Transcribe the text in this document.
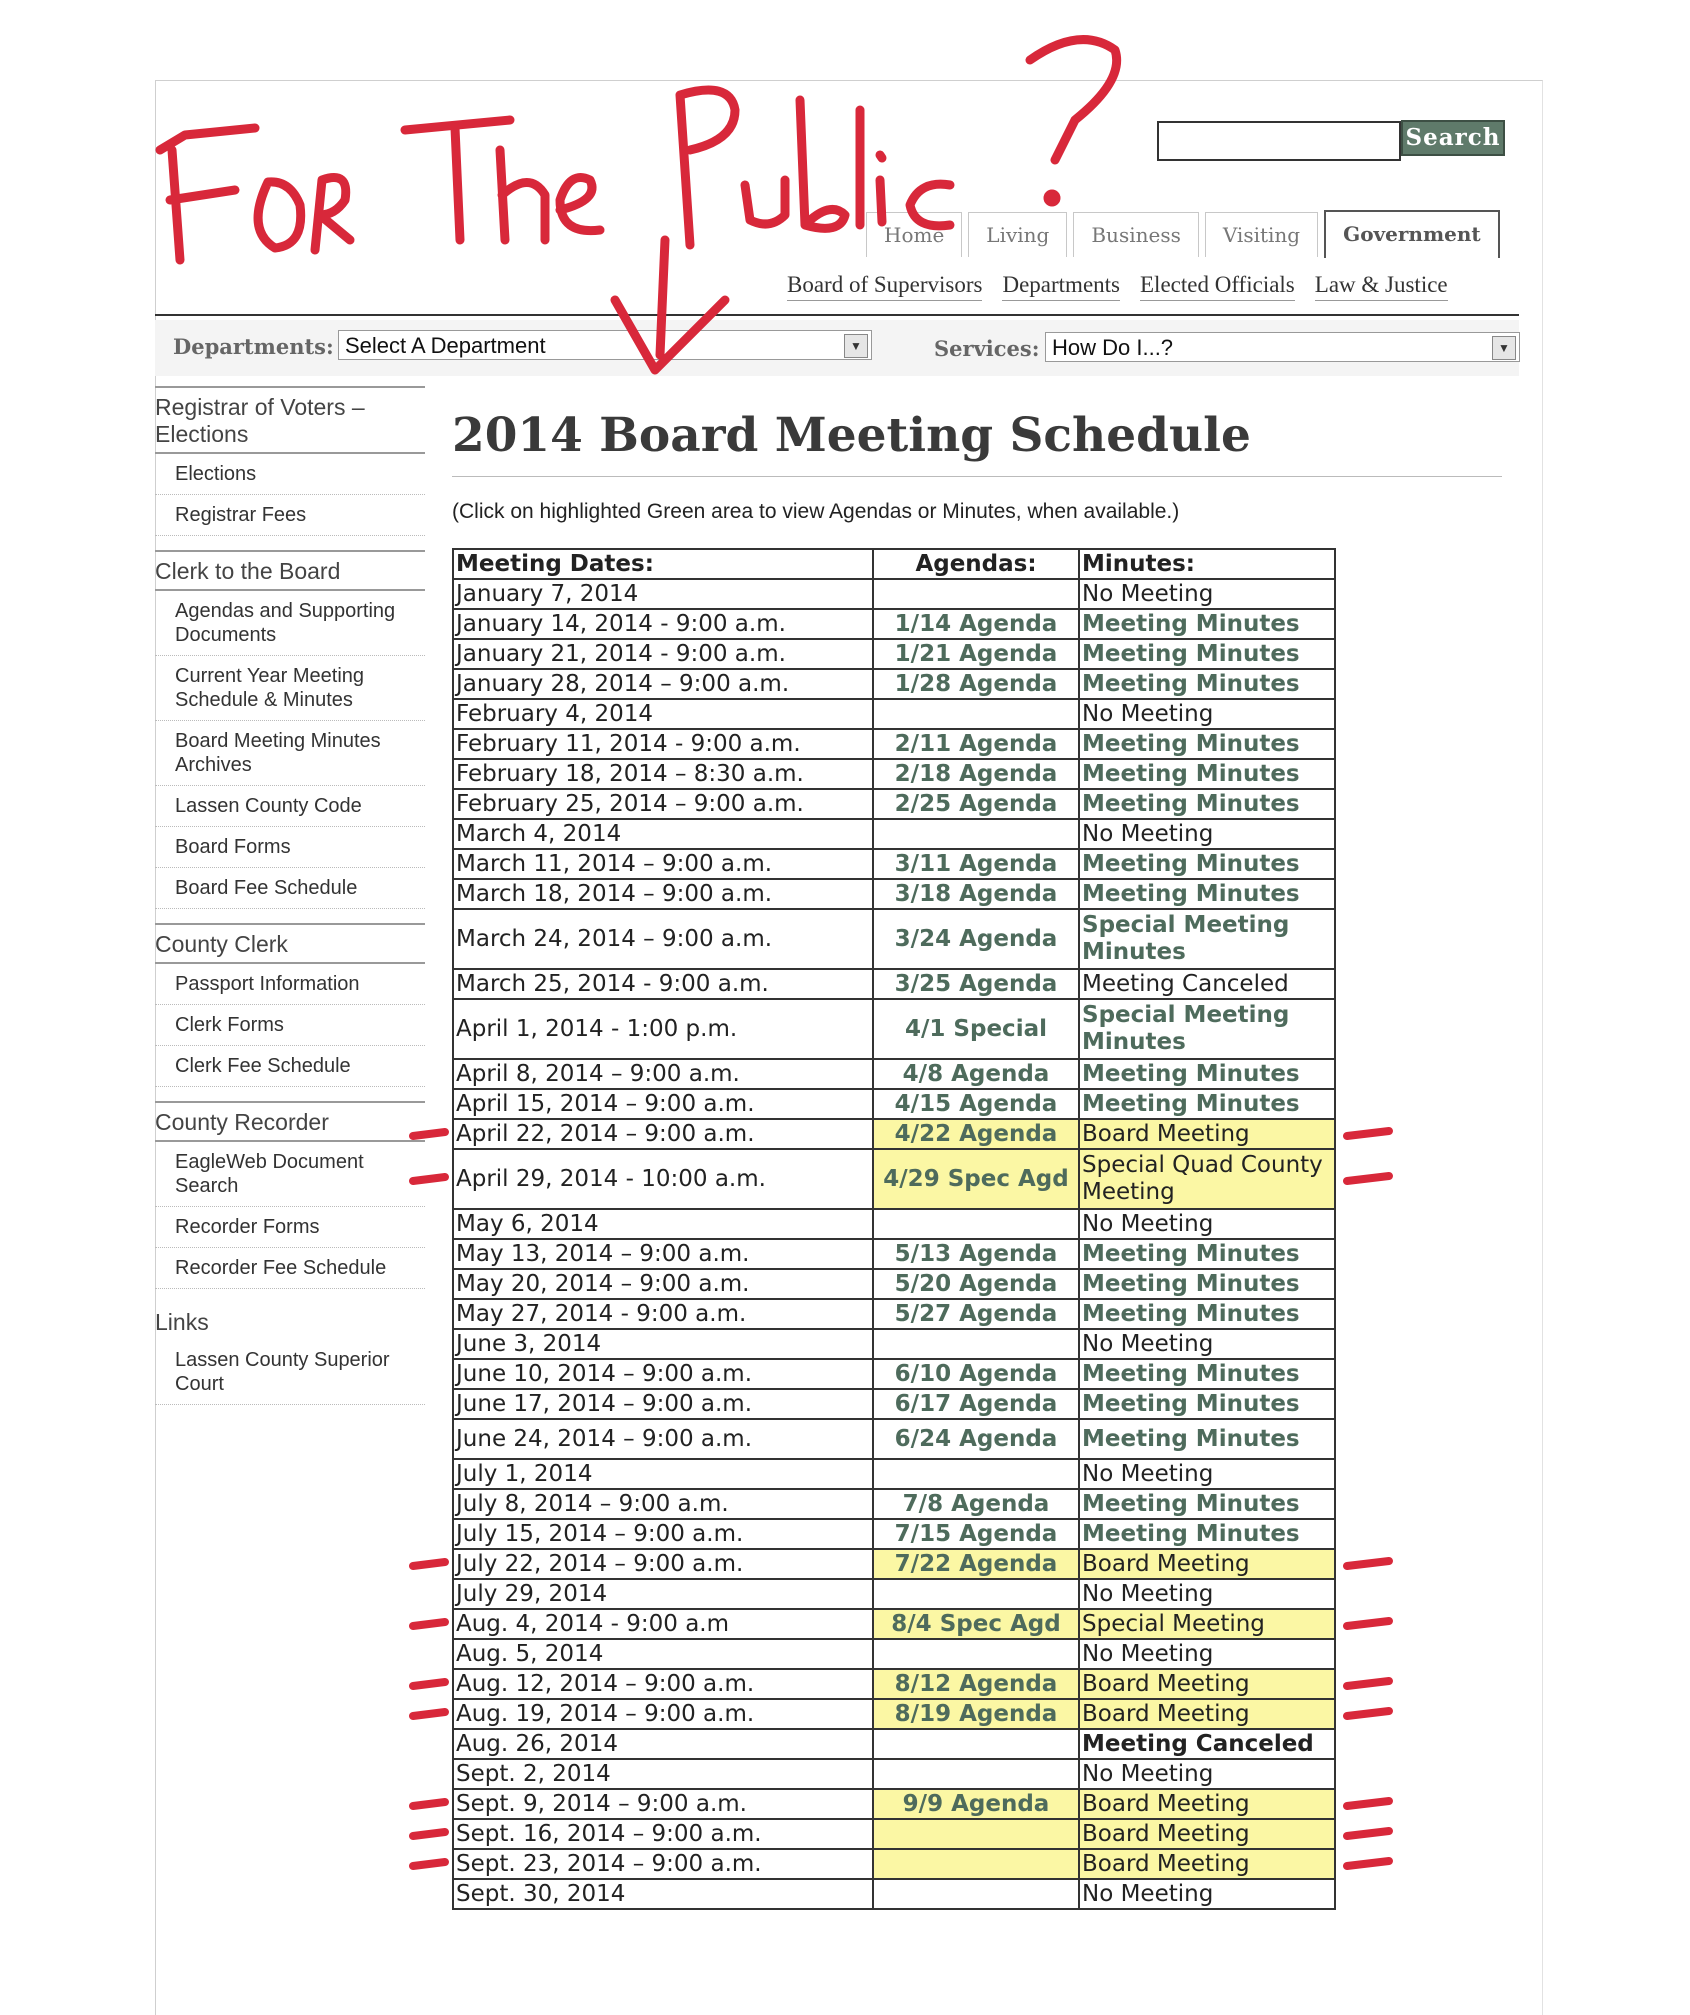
Search
Home	Living	Business	Visiting	Government
Board of Supervisors Departments Elected Officials Law & Justice
Departments: Select A Department	▼	Services: How Do I...?	▼
Registrar of Voters – Elections
Elections
Registrar Fees
Clerk to the Board
Agendas and Supporting Documents
Current Year Meeting Schedule & Minutes
Board Meeting Minutes Archives
Lassen County Code
Board Forms
Board Fee Schedule
County Clerk
Passport Information
Clerk Forms
Clerk Fee Schedule
County Recorder
EagleWeb Document Search
Recorder Forms
Recorder Fee Schedule
Links
Lassen County Superior Court
2014 Board Meeting Schedule
(Click on highlighted Green area to view Agendas or Minutes, when available.)
Meeting Dates:	Agendas:	Minutes:
January 7, 2014		No Meeting
January 14, 2014 - 9:00 a.m.	1/14 Agenda	Meeting Minutes
January 21, 2014 - 9:00 a.m.	1/21 Agenda	Meeting Minutes
January 28, 2014 – 9:00 a.m.	1/28 Agenda	Meeting Minutes
February 4, 2014		No Meeting
February 11, 2014 - 9:00 a.m.	2/11 Agenda	Meeting Minutes
February 18, 2014 – 8:30 a.m.	2/18 Agenda	Meeting Minutes
February 25, 2014 – 9:00 a.m.	2/25 Agenda	Meeting Minutes
March 4, 2014		No Meeting
March 11, 2014 – 9:00 a.m.	3/11 Agenda	Meeting Minutes
March 18, 2014 – 9:00 a.m.	3/18 Agenda	Meeting Minutes
March 24, 2014 – 9:00 a.m.	3/24 Agenda	Special Meeting Minutes
March 25, 2014 - 9:00 a.m.	3/25 Agenda	Meeting Canceled
April 1, 2014 - 1:00 p.m.	4/1 Special	Special Meeting Minutes
April 8, 2014 – 9:00 a.m.	4/8 Agenda	Meeting Minutes
April 15, 2014 – 9:00 a.m.	4/15 Agenda	Meeting Minutes
April 22, 2014 – 9:00 a.m.	4/22 Agenda	Board Meeting
April 29, 2014 - 10:00 a.m.	4/29 Spec Agd	Special Quad County Meeting
May 6, 2014		No Meeting
May 13, 2014 – 9:00 a.m.	5/13 Agenda	Meeting Minutes
May 20, 2014 – 9:00 a.m.	5/20 Agenda	Meeting Minutes
May 27, 2014 - 9:00 a.m.	5/27 Agenda	Meeting Minutes
June 3, 2014		No Meeting
June 10, 2014 – 9:00 a.m.	6/10 Agenda	Meeting Minutes
June 17, 2014 – 9:00 a.m.	6/17 Agenda	Meeting Minutes
June 24, 2014 – 9:00 a.m.	6/24 Agenda	Meeting Minutes
July 1, 2014		No Meeting
July 8, 2014 – 9:00 a.m.	7/8 Agenda	Meeting Minutes
July 15, 2014 – 9:00 a.m.	7/15 Agenda	Meeting Minutes
July 22, 2014 – 9:00 a.m.	7/22 Agenda	Board Meeting
July 29, 2014		No Meeting
Aug. 4, 2014 - 9:00 a.m	8/4 Spec Agd	Special Meeting
Aug. 5, 2014		No Meeting
Aug. 12, 2014 – 9:00 a.m.	8/12 Agenda	Board Meeting
Aug. 19, 2014 – 9:00 a.m.	8/19 Agenda	Board Meeting
Aug. 26, 2014		Meeting Canceled
Sept. 2, 2014		No Meeting
Sept. 9, 2014 – 9:00 a.m.	9/9 Agenda	Board Meeting
Sept. 16, 2014 – 9:00 a.m.		Board Meeting
Sept. 23, 2014 – 9:00 a.m.		Board Meeting
Sept. 30, 2014		No Meeting
